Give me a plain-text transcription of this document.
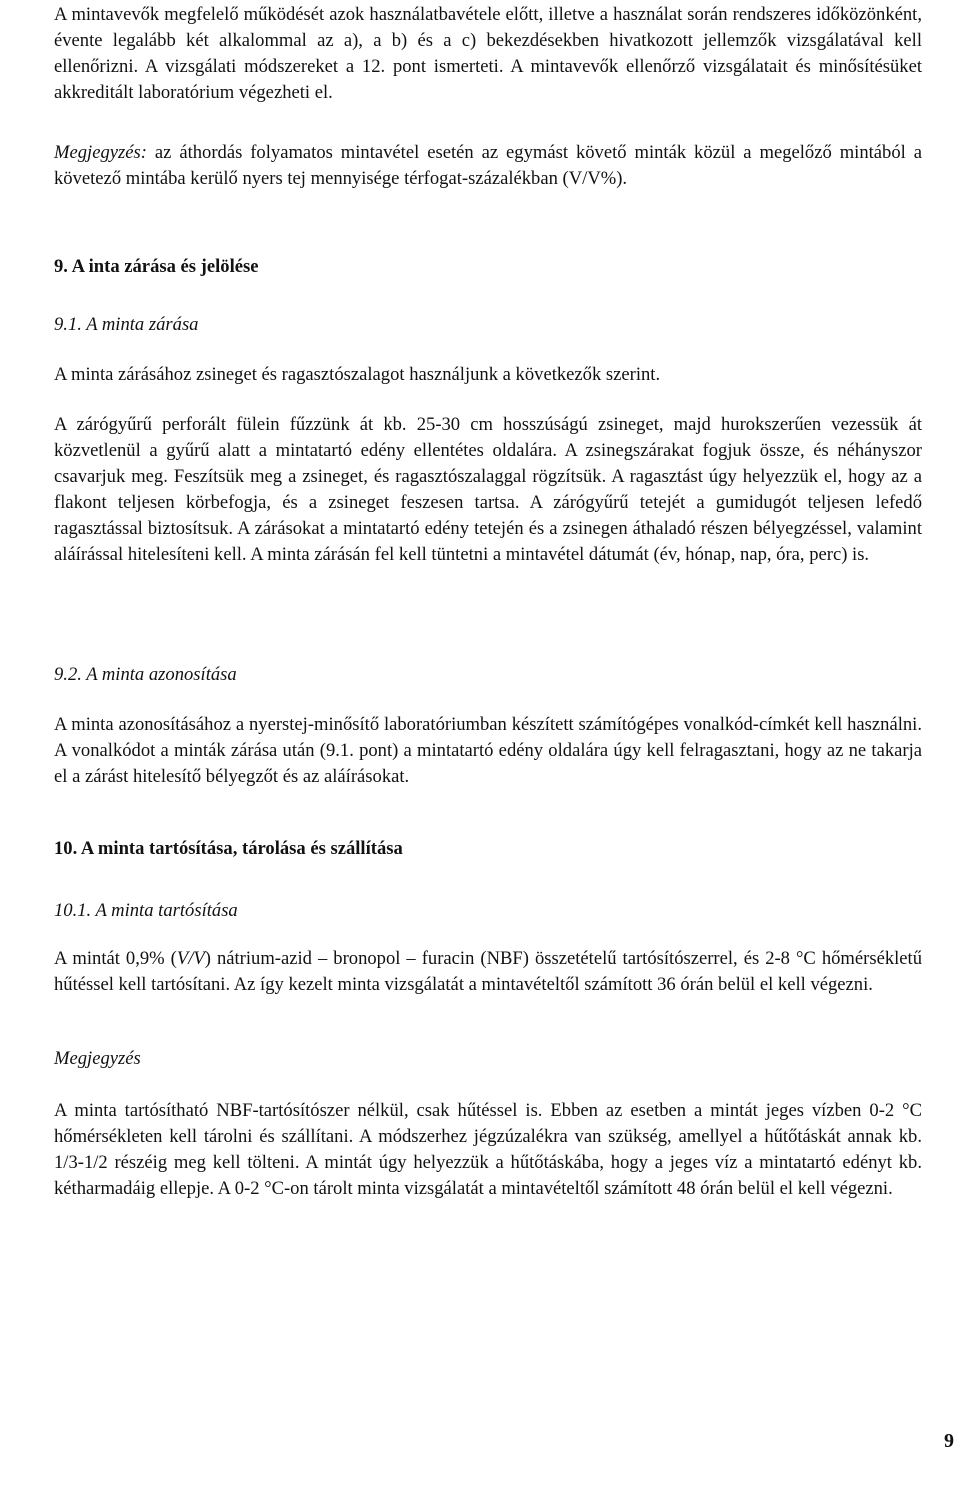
A mintavevők megfelelő működését azok használatbavétele előtt, illetve a használat során rendszeres időközönként, évente legalább két alkalommal az a), a b) és a c) bekezdésekben hivatkozott jellemzők vizsgálatával kell ellenőrizni. A vizsgálati módszereket a 12. pont ismerteti. A mintavevők ellenőrző vizsgálatait és minősítésüket akkreditált laboratórium végezheti el.

Megjegyzés: az áthordás folyamatos mintavétel esetén az egymást követő minták közül a megelőző mintából a követező mintába kerülő nyers tej mennyisége térfogat-százalékban (V/V%).

9. A inta zárása és jelölése

9.1. A minta zárása

A minta zárásához zsineget és ragasztószalagot használjunk a következők szerint.

A zárógyűrű perforált fülein fűzzünk át kb. 25-30 cm hosszúságú zsineget, majd hurokszerűen vezessük át közvetlenül a gyűrű alatt a mintatartó edény ellentétes oldalára. A zsinegszárakat fogjuk össze, és néhányszor csavarjuk meg. Feszítsük meg a zsineget, és ragasztószalaggal rögzítsük. A ragasztást úgy helyezzük el, hogy az a flakont teljesen körbefogja, és a zsineget feszesen tartsa. A zárógyűrű tetejét a gumidugót teljesen lefedő ragasztással biztosítsuk. A zárásokat a mintatartó edény tetején és a zsinegen áthaladó részen bélyegzéssel, valamint aláírással hitelesíteni kell. A minta zárásán fel kell tüntetni a mintavétel dátumát (év, hónap, nap, óra, perc) is.

9.2. A minta azonosítása

A minta azonosításához a nyerstej-minősítő laboratóriumban készített számítógépes vonalkód-címkét kell használni. A vonalkódot a minták zárása után (9.1. pont) a mintatartó edény oldalára úgy kell felragasztani, hogy az ne takarja el a zárást hitelesítő bélyegzőt és az aláírásokat.

10. A minta tartósítása, tárolása és szállítása

10.1. A minta tartósítása

A mintát 0,9% (V/V) nátrium-azid – bronopol – furacin (NBF) összetételű tartósítószerrel, és 2-8 °C hőmérsékletű hűtéssel kell tartósítani. Az így kezelt minta vizsgálatát a mintavételtől számított 36 órán belül el kell végezni.

Megjegyzés

A minta tartósítható NBF-tartósítószer nélkül, csak hűtéssel is. Ebben az esetben a mintát jeges vízben 0-2 °C hőmérsékleten kell tárolni és szállítani. A módszerhez jégzúzalékra van szükség, amellyel a hűtőtáskát annak kb. 1/3-1/2 részéig meg kell tölteni. A mintát úgy helyezzük a hűtőtáskába, hogy a jeges víz a mintatartó edényt kb. kétharmadáig ellepje. A 0-2 °C-on tárolt minta vizsgálatát a mintavételtől számított 48 órán belül el kell végezni.

9
